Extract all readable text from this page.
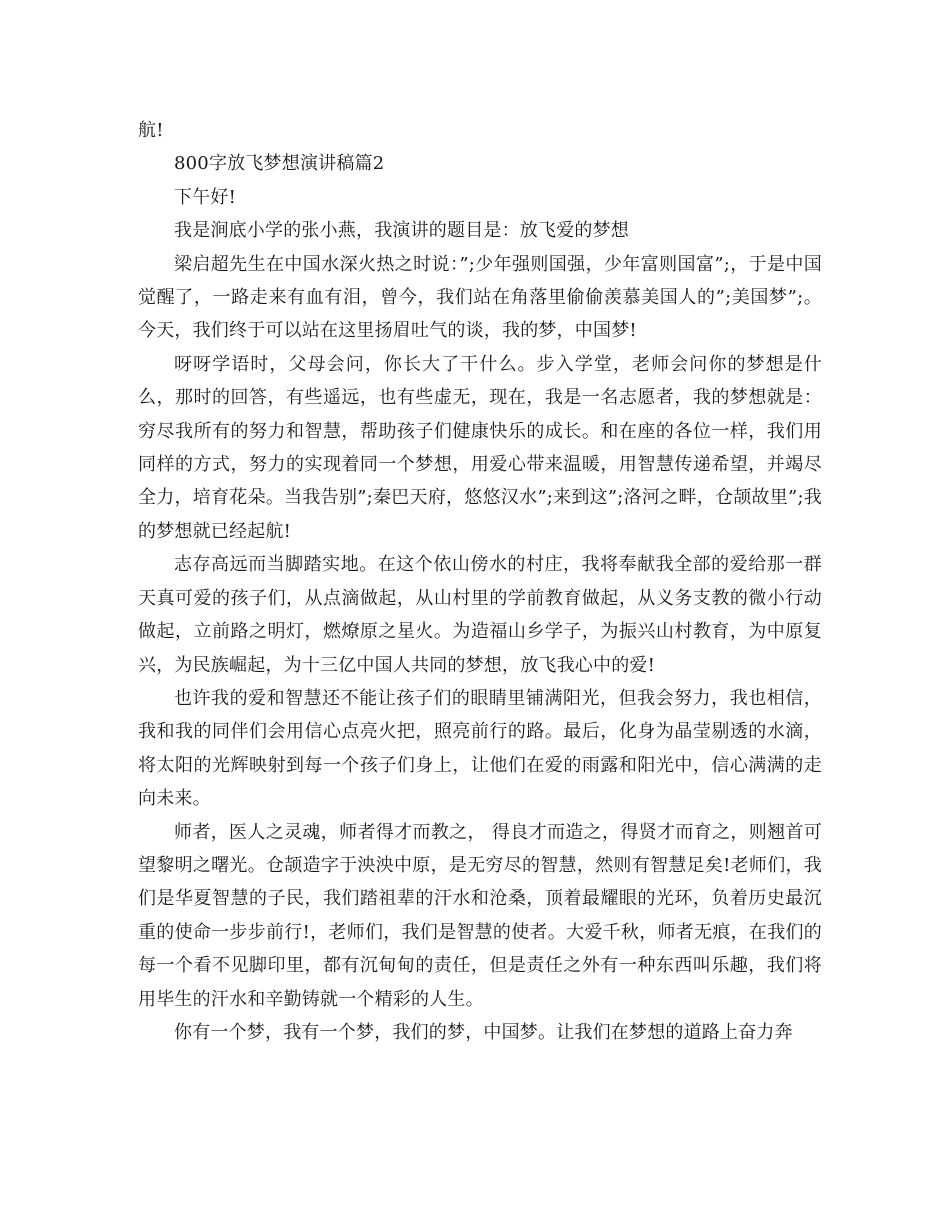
航!

800字放飞梦想演讲稿篇2

下午好!

我是涧底小学的张小燕，我演讲的题目是：放飞爱的梦想

梁启超先生在中国水深火热之时说：”;少年强则国强，少年富则国富”;，于是中国觉醒了，一路走来有血有泪，曾今，我们站在角落里偷偷羡慕美国人的”;美国梦”;。今天，我们终于可以站在这里扬眉吐气的谈，我的梦，中国梦!

呀呀学语时，父母会问，你长大了干什么。步入学堂，老师会问你的梦想是什么，那时的回答，有些遥远，也有些虚无，现在，我是一名志愿者，我的梦想就是：穷尽我所有的努力和智慧，帮助孩子们健康快乐的成长。和在座的各位一样，我们用同样的方式，努力的实现着同一个梦想，用爱心带来温暖，用智慧传递希望，并竭尽全力，培育花朵。当我告别”;秦巴天府，悠悠汉水”;来到这”;洛河之畔，仓颉故里”;我的梦想就已经起航!

志存高远而当脚踏实地。在这个依山傍水的村庄，我将奉献我全部的爱给那一群天真可爱的孩子们，从点滴做起，从山村里的学前教育做起，从义务支教的微小行动做起，立前路之明灯，燃燎原之星火。为造福山乡学子，为振兴山村教育，为中原复兴，为民族崛起，为十三亿中国人共同的梦想，放飞我心中的爱!

也许我的爱和智慧还不能让孩子们的眼睛里铺满阳光，但我会努力，我也相信，我和我的同伴们会用信心点亮火把，照亮前行的路。最后，化身为晶莹剔透的水滴，将太阳的光辉映射到每一个孩子们身上，让他们在爱的雨露和阳光中，信心满满的走向未来。

师者，医人之灵魂，师者得才而教之， 得良才而造之，得贤才而育之，则翘首可望黎明之曙光。仓颉造字于泱泱中原，是无穷尽的智慧，然则有智慧足矣!老师们，我们是华夏智慧的子民，我们踏祖辈的汗水和沧桑，顶着最耀眼的光环，负着历史最沉重的使命一步步前行!，老师们，我们是智慧的使者。大爱千秋，师者无痕，在我们的每一个看不见脚印里，都有沉甸甸的责任，但是责任之外有一种东西叫乐趣，我们将用毕生的汗水和辛勤铸就一个精彩的人生。

你有一个梦，我有一个梦，我们的梦，中国梦。让我们在梦想的道路上奋力奔
